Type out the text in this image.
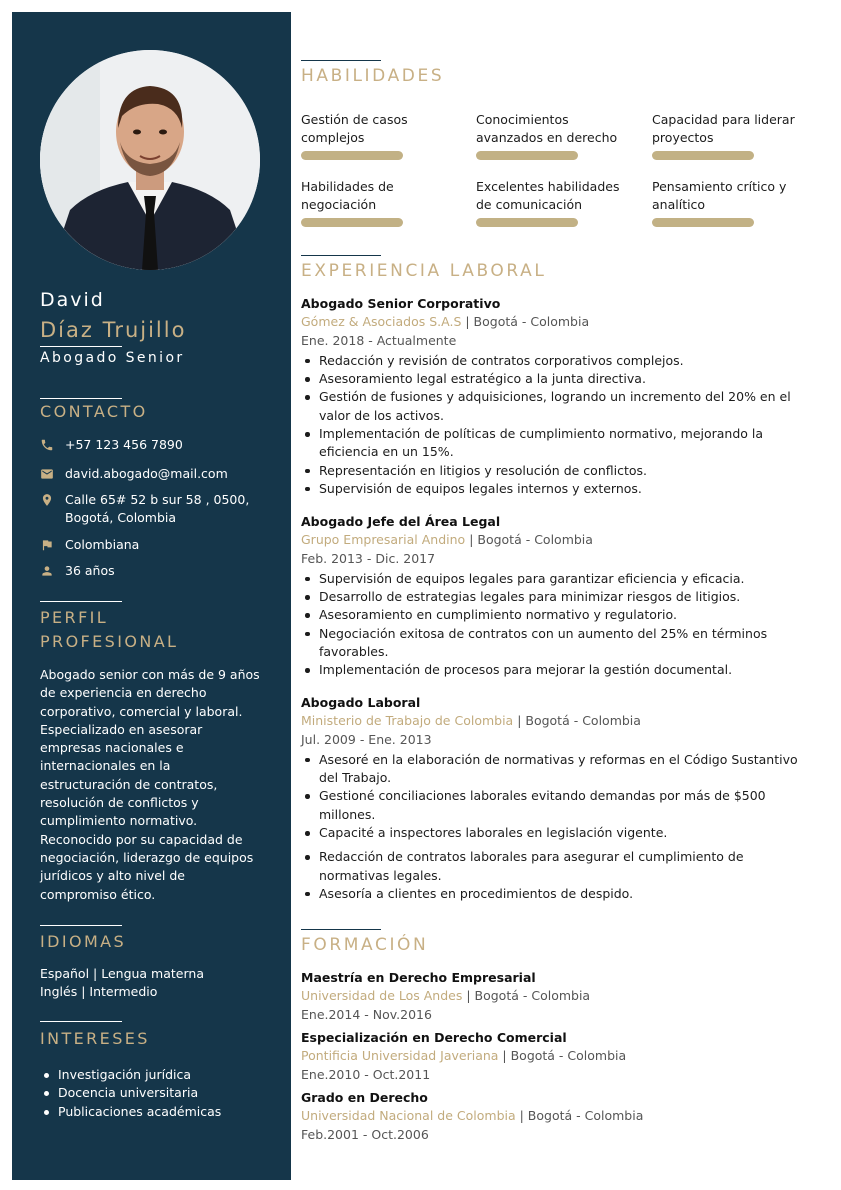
David
Díaz Trujillo
Abogado Senior
CONTACTO
+57 123 456 7890
david.abogado@mail.com
Calle 65# 52 b sur 58 , 0500, Bogotá, Colombia
Colombiana
36 años
PERFIL
PROFESIONAL
Abogado senior con más de 9 años de experiencia en derecho corporativo, comercial y laboral. Especializado en asesorar empresas nacionales e internacionales en la estructuración de contratos, resolución de conflictos y cumplimiento normativo. Reconocido por su capacidad de negociación, liderazgo de equipos jurídicos y alto nivel de compromiso ético.
IDIOMAS
Español | Lengua materna
Inglés | Intermedio
INTERESES
Investigación jurídica
Docencia universitaria
Publicaciones académicas
HABILIDADES
Gestión de casos complejos
Conocimientos avanzados en derecho
Capacidad para liderar proyectos
Habilidades de negociación
Excelentes habilidades de comunicación
Pensamiento crítico y analítico
EXPERIENCIA LABORAL
Abogado Senior Corporativo
Gómez & Asociados S.A.S | Bogotá - Colombia
Ene. 2018 - Actualmente
Redacción y revisión de contratos corporativos complejos.
Asesoramiento legal estratégico a la junta directiva.
Gestión de fusiones y adquisiciones, logrando un incremento del 20% en el valor de los activos.
Implementación de políticas de cumplimiento normativo, mejorando la eficiencia en un 15%.
Representación en litigios y resolución de conflictos.
Supervisión de equipos legales internos y externos.
Abogado Jefe del Área Legal
Grupo Empresarial Andino | Bogotá - Colombia
Feb. 2013 - Dic. 2017
Supervisión de equipos legales para garantizar eficiencia y eficacia.
Desarrollo de estrategias legales para minimizar riesgos de litigios.
Asesoramiento en cumplimiento normativo y regulatorio.
Negociación exitosa de contratos con un aumento del 25% en términos favorables.
Implementación de procesos para mejorar la gestión documental.
Abogado Laboral
Ministerio de Trabajo de Colombia | Bogotá - Colombia
Jul. 2009 - Ene. 2013
Asesoré en la elaboración de normativas y reformas en el Código Sustantivo del Trabajo.
Gestioné conciliaciones laborales evitando demandas por más de $500 millones.
Capacité a inspectores laborales en legislación vigente.
Redacción de contratos laborales para asegurar el cumplimiento de normativas legales.
Asesoría a clientes en procedimientos de despido.
FORMACIÓN
Maestría en Derecho Empresarial
Universidad de Los Andes | Bogotá - Colombia
Ene.2014 - Nov.2016
Especialización en Derecho Comercial
Pontificia Universidad Javeriana | Bogotá - Colombia
Ene.2010 - Oct.2011
Grado en Derecho
Universidad Nacional de Colombia | Bogotá - Colombia
Feb.2001 - Oct.2006
